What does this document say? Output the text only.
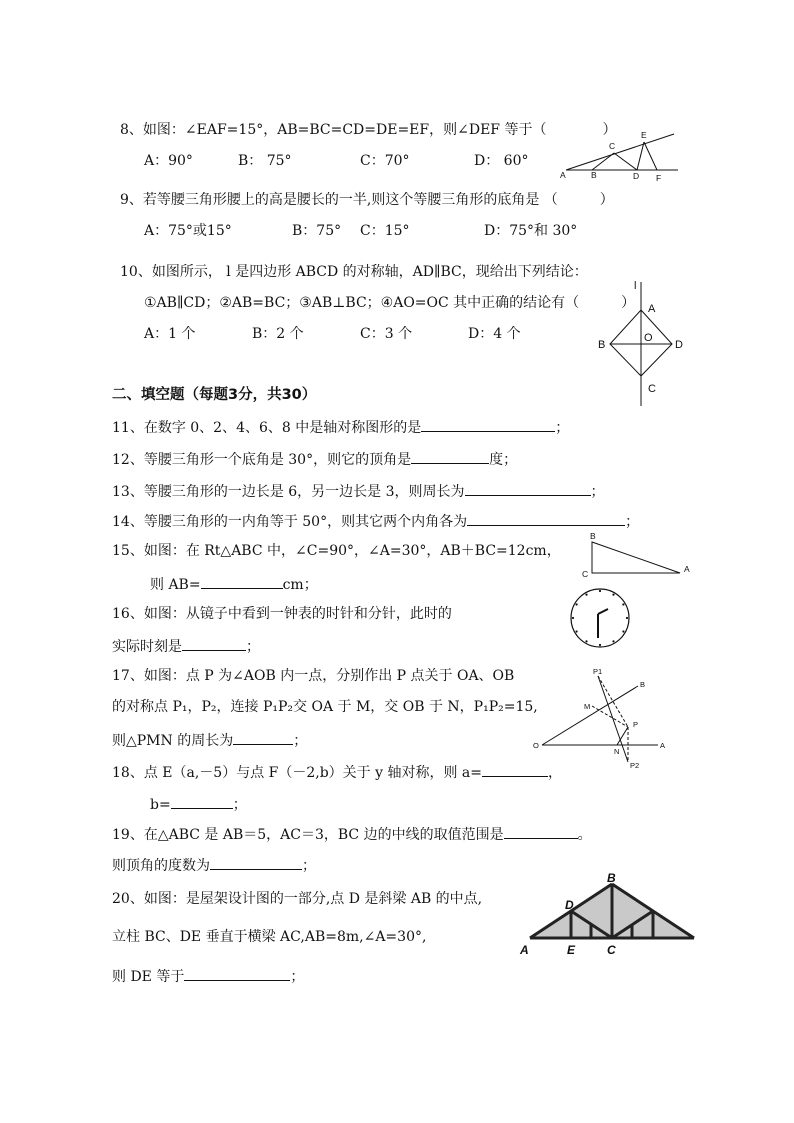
8、如图：∠EAF=15°，AB=BC=CD=DE=EF，则∠DEF 等于（　　　　）
A：90°	B： 75°	C：70°	D： 60°
A	B
C
D
E
F
9、若等腰三角形腰上的高是腰长的一半,则这个等腰三角形的底角是 （　　　）
A：75°或15°	B：75° C：15°	D：75°和 30°
10、如图所示， l 是四边形 ABCD 的对称轴，AD∥BC，现给出下列结论：
①AB∥CD；②AB=BC；③AB⊥BC；④AO=OC 其中正确的结论有（　　　）
A：1 个	B：2 个	C：3 个	D：4 个
l
A
B
O
D
C
二、填空题（每题3分，共30）
11、在数字 0、2、4、6、8 中是轴对称图形的是	；
12、等腰三角形一个底角是 30°，则它的顶角是	度；
13、等腰三角形的一边长是 6，另一边长是 3，则周长为	；
14、等腰三角形的一内角等于 50°，则其它两个内角各为	；
15、如图：在 Rt△ABC 中，∠C=90°，∠A=30°，AB＋BC=12cm，
则 AB=	cm；
B
C	A
16、如图：从镜子中看到一钟表的时针和分针，此时的
实际时刻是	；
17、如图：点 P 为∠AOB 内一点，分别作出 P 点关于 OA、OB
的对称点 P₁，P₂，连接 P₁P₂交 OA 于 M，交 OB 于 N，P₁P₂=15,
则△PMN 的周长为	；
P1
B
M
P
O
N
A
P2
18、点 E（a,－5）与点 F（－2,b）关于 y 轴对称，则 a=	，
b=	；
19、在△ABC 是 AB＝5，AC＝3，BC 边的中线的取值范围是	。
则顶角的度数为	；
20、如图：是屋架设计图的一部分,点 D 是斜梁 AB 的中点,
立柱 BC、DE 垂直于横梁 AC,AB=8m,∠A=30°,
则 DE 等于	；
B
D
A	E	C
